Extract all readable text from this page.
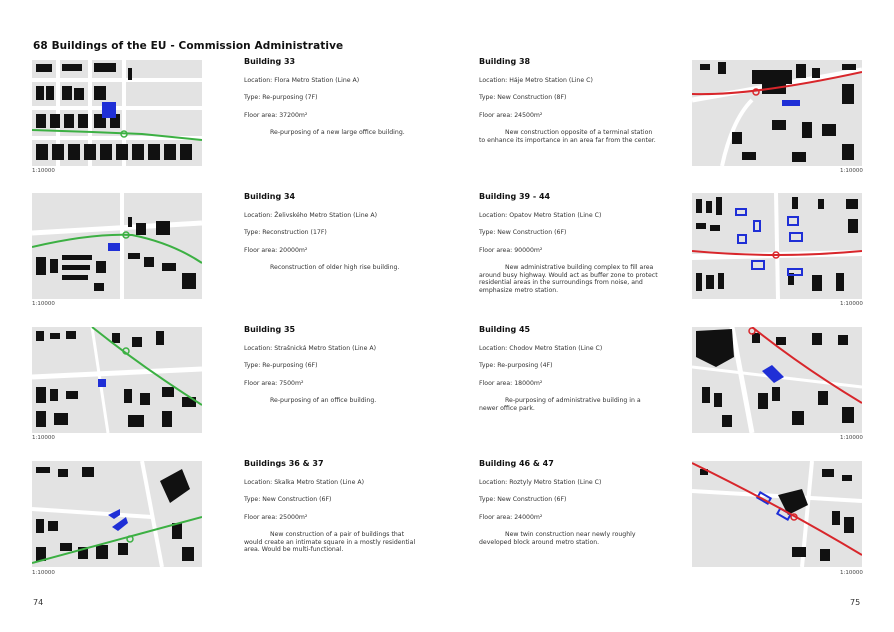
68 Buildings of the EU - Commission Administrative
1:10000
Building 33
Location: Flora Metro Station (Line A)
Type: Re-purposing (7F)
Floor area: 37200m²
Re-purposing of a new large office building.
1:10000
Building 34
Location: Želivského Metro Station (Line A)
Type: Reconstruction (17F)
Floor area: 20000m²
Reconstruction of older high rise building.
1:10000
Building 35
Location: Strašnická Metro Station (Line A)
Type: Re-purposing (6F)
Floor area: 7500m²
Re-purposing of an office building.
1:10000
Buildings 36 & 37
Location: Skalka Metro Station (Line A)
Type: New Construction (6F)
Floor area: 25000m²
New construction of a pair of buildings that would create an intimate square in a mostly residential area. Would be multi-functional.
Building 38
Location: Háje Metro Station (Line C)
Type: New Construction (8F)
Floor area: 24500m²
New construction opposite of a terminal station to enhance its importance in an area far from the center.
1:10000
Building 39 - 44
Location: Opatov Metro Station (Line C)
Type: New Construction (6F)
Floor area: 90000m²
New administrative building complex to fill area around busy highway. Would act as buffer zone to protect residential areas in the surroundings from noise, and emphasize metro station.
1:10000
Building 45
Location: Chodov Metro Station (Line C)
Type: Re-purposing (4F)
Floor area: 18000m²
Re-purposing of administrative building in a newer office park.
1:10000
Building 46 & 47
Location: Roztyly Metro Station (Line C)
Type: New Construction (6F)
Floor area: 24000m²
New twin construction near newly roughly developed block around metro station.
1:10000
74	75
